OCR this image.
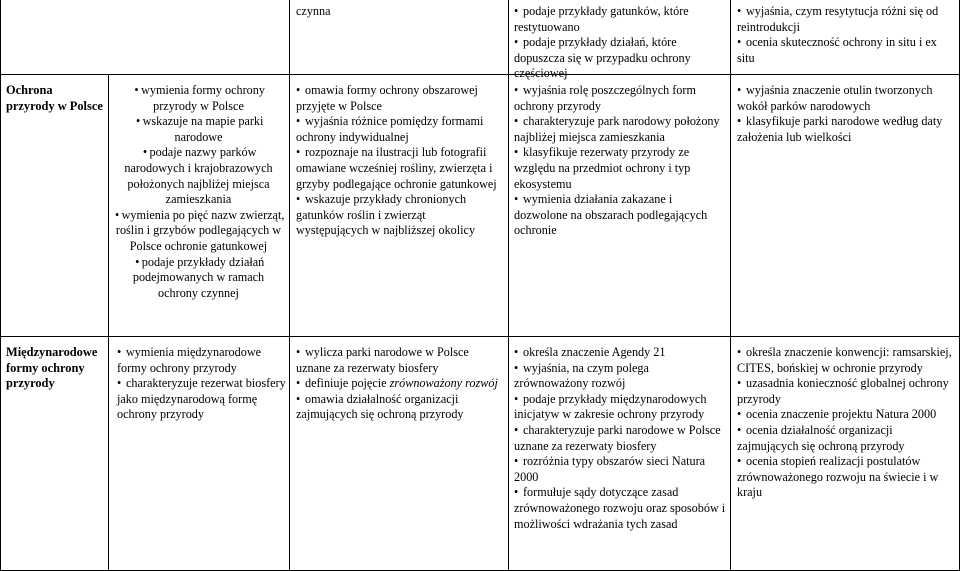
czynna	• podaje przykłady gatunków, które restytuowano
• podaje przykłady działań, które dopuszcza się w przypadku ochrony częściowej
• wyjaśnia, czym resytytucja różni się od reintrodukcji
• ocenia skuteczność ochrony in situ i ex situ
Ochrona przyrody w Polsce
• wymienia formy ochrony przyrody w Polsce
• wskazuje na mapie parki narodowe
• podaje nazwy parków narodowych i krajobrazowych położonych najbliżej miejsca zamieszkania
• wymienia po pięć nazw zwierząt, roślin i grzybów podlegających w Polsce ochronie gatunkowej
• podaje przykłady działań podejmowanych w ramach ochrony czynnej
• omawia formy ochrony obszarowej przyjęte w Polsce
• wyjaśnia różnice pomiędzy formami ochrony indywidualnej
• rozpoznaje na ilustracji lub fotografii omawiane wcześniej rośliny, zwierzęta i grzyby podlegające ochronie gatunkowej
• wskazuje przykłady chronionych gatunków roślin i zwierząt występujących w najbliższej okolicy
• wyjaśnia rolę poszczególnych form ochrony przyrody
• charakteryzuje park narodowy położony najbliżej miejsca zamieszkania
• klasyfikuje rezerwaty przyrody ze względu na przedmiot ochrony i typ ekosystemu
• wymienia działania zakazane i dozwolone na obszarach podlegających ochronie
• wyjaśnia znaczenie otulin tworzonych wokół parków narodowych
• klasyfikuje parki narodowe według daty założenia lub wielkości
Międzynarodowe formy ochrony przyrody
• wymienia międzynarodowe formy ochrony przyrody
• charakteryzuje rezerwat biosfery jako międzynarodową formę ochrony przyrody
• wylicza parki narodowe w Polsce uznane za rezerwaty biosfery
• definiuje pojęcie zrównoważony rozwój
• omawia działalność organizacji zajmujących się ochroną przyrody
• określa znaczenie Agendy 21
• wyjaśnia, na czym polega zrównoważony rozwój
• podaje przykłady międzynarodowych inicjatyw w zakresie ochrony przyrody
• charakteryzuje parki narodowe w Polsce uznane za rezerwaty biosfery
• rozróżnia typy obszarów sieci Natura 2000
• formułuje sądy dotyczące zasad zrównoważonego rozwoju oraz sposobów i możliwości wdrażania tych zasad
• określa znaczenie konwencji: ramsarskiej, CITES, bońskiej w ochronie przyrody
• uzasadnia konieczność globalnej ochrony przyrody
• ocenia znaczenie projektu Natura 2000
• ocenia działalność organizacji zajmujących się ochroną przyrody
• ocenia stopień realizacji postulatów zrównoważonego rozwoju na świecie i w kraju
